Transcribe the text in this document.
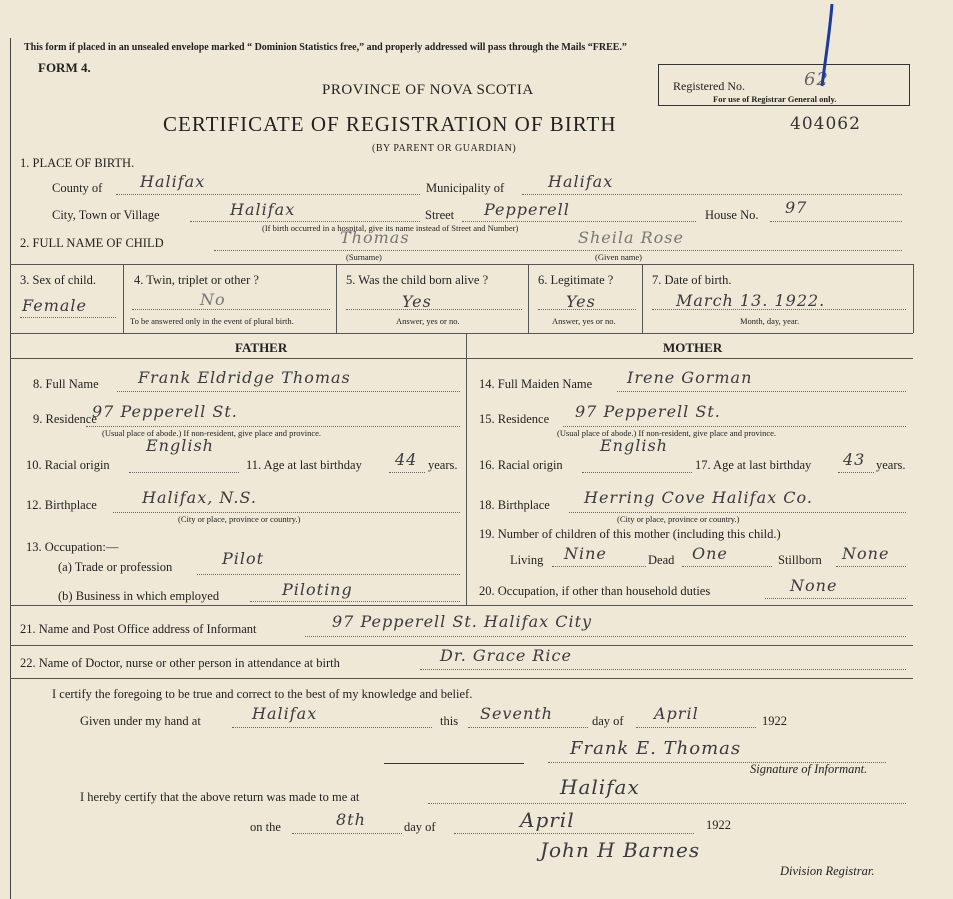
This form if placed in an unsealed envelope marked “ Dominion Statistics free,” and properly addressed will pass through the Mails “FREE.”
FORM 4.
PROVINCE OF NOVA SCOTIA
CERTIFICATE OF REGISTRATION OF BIRTH
(BY PARENT OR GUARDIAN)
Registered No.	62
For use of Registrar General only.
404062
1. PLACE OF BIRTH.
County of Halifax	Municipality of	Halifax
City, Town or Village	Halifax	Street Pepperell
(If birth occurred in a hospital, give its name instead of Street and Number)
House No. 97
2. FULL NAME OF CHILD	Thomas	Sheila Rose
(Surname)	(Given name)
3. Sex of child.
Female
4. Twin, triplet or other ?
No
To be answered only in the event of plural birth.
5. Was the child born alive ?
Yes
Answer, yes or no.
6. Legitimate ?
Yes
Answer, yes or no.
7. Date of birth.
March 13. 1922.
Month, day, year.
FATHER	MOTHER
8. Full Name Frank Eldridge Thomas
9. Residence
97 Pepperell St.
(Usual place of abode.) If non-resident, give place and province.
10. Racial origin
English
11. Age at last birthday 44 years.
12. Birthplace	Halifax, N.S.
(City or place, province or country.)
13. Occupation:—
(a) Trade or profession	Pilot
(b) Business in which employed	Piloting
14. Full Maiden Name Irene Gorman
15. Residence 97 Pepperell St.
(Usual place of abode.) If non-resident, give place and province.
16. Racial origin
English
17. Age at last birthday 43 years.
18. Birthplace Herring Cove Halifax Co.
(City or place, province or country.)
19. Number of children of this mother (including this child.)
Living Nine	Dead One	Stillborn None
20. Occupation, if other than household duties	None
21. Name and Post Office address of Informant	97 Pepperell St. Halifax City
22. Name of Doctor, nurse or other person in attendance at birth	Dr. Grace Rice
I certify the foregoing to be true and correct to the best of my knowledge and belief.
Given under my hand at	Halifax	this Seventh	day of April	1922
Frank E. Thomas
Signature of Informant.
I hereby certify that the above return was made to me at	Halifax
on the	8th	day of	April	1922
John H Barnes
Division Registrar.
